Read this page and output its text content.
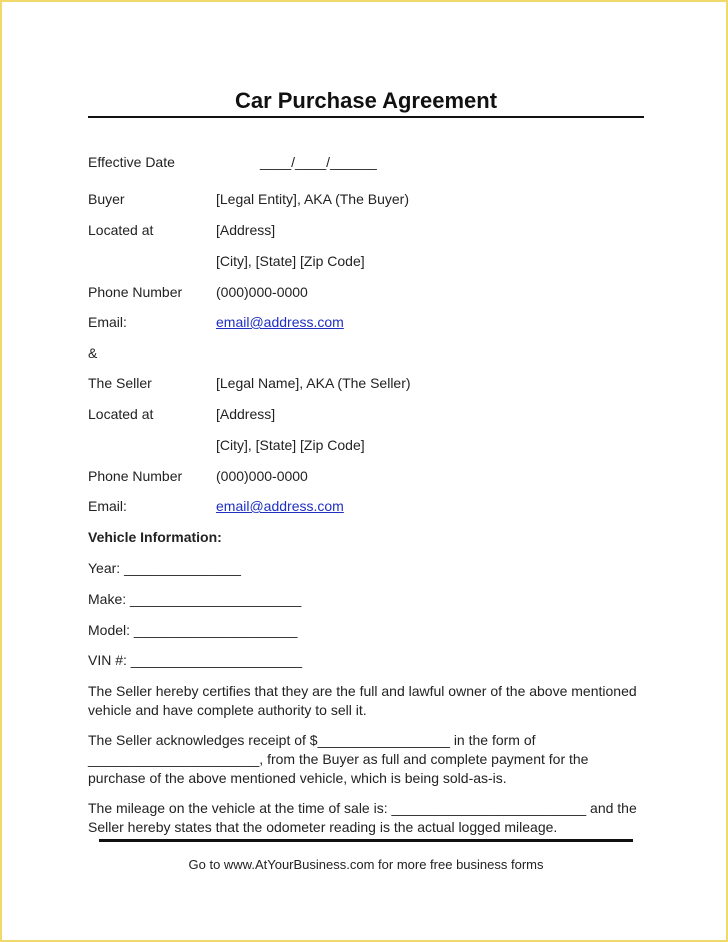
Car Purchase Agreement
Effective Date	____/____/______
Buyer	[Legal Entity], AKA (The Buyer)
Located at	[Address]
[City], [State] [Zip Code]
Phone Number (000)000-0000
Email:	email@address.com
&
The Seller	[Legal Name], AKA (The Seller)
Located at	[Address]
[City], [State] [Zip Code]
Phone Number (000)000-0000
Email:	email@address.com
Vehicle Information:
Year: _______________
Make: ______________________
Model: _____________________
VIN #: ______________________
The Seller hereby certifies that they are the full and lawful owner of the above mentioned vehicle and have complete authority to sell it.
The Seller acknowledges receipt of $_________________ in the form of ______________________, from the Buyer as full and complete payment for the purchase of the above mentioned vehicle, which is being sold-as-is.
The mileage on the vehicle at the time of sale is: _________________________ and the Seller hereby states that the odometer reading is the actual logged mileage.
Go to www.AtYourBusiness.com for more free business forms
